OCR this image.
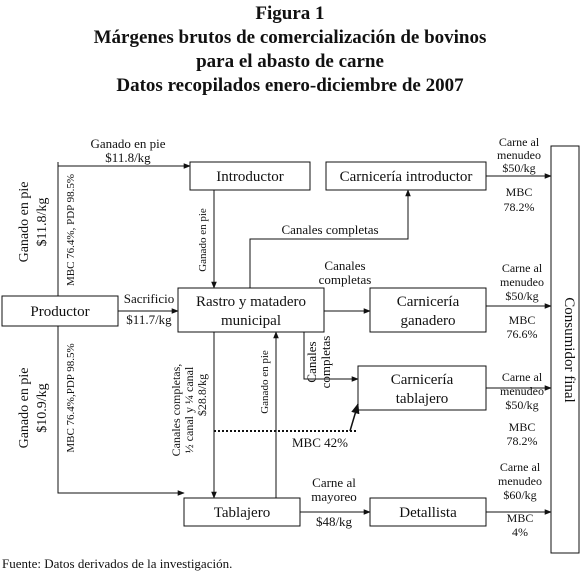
Figura 1
Márgenes brutos de comercialización de bovinos
para el abasto de carne
Datos recopilados enero-diciembre de 2007
Productor
Introductor	Carnicería introductor
Rastro y matadero
municipal
Carnicería
ganadero
Carnicería
tablajero
Tablajero	Detallista
Consumidor final
Ganado en pie
$11.8/kg
Sacrificio
$11.7/kg
Ganado en pie	Canales completas
Canales
completas
Canales completas
Canales completas, ½ canal y ¼ canal $28.8/kg	Ganado en pie
MBC 42%
Carne al
mayoreo
$48/kg
Ganado en pie $11.8/kg MBC 76.4%, PDP 98.5%
Ganado en pie $10.9/kg MBC 76.4%,PDP 98.5%
Carne al
menudeo
$50/kg
MBC
78.2%
Carne al
menudeo
$50/kg
MBC
76.6%
Carne al
menudeo
$50/kg
MBC
78.2%
Carne al
menudeo
$60/kg
MBC
4%
Fuente: Datos derivados de la investigación.
